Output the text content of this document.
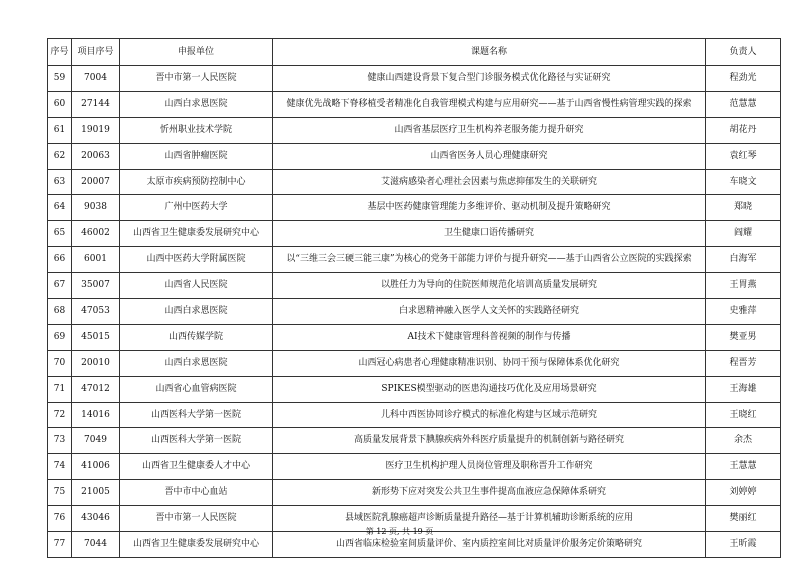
序号	项目序号	申报单位	课题名称	负责人
59	7004	晋中市第一人民医院	健康山西建设背景下复合型门诊服务模式优化路径与实证研究	程劲光
60	27144	山西白求恩医院	健康优先战略下脊移植受者精准化自我管理模式构建与应用研究——基于山西省慢性病管理实践的探索	范慧慧
61	19019	忻州职业技术学院	山西省基层医疗卫生机构养老服务能力提升研究	胡花丹
62	20063	山西省肿瘤医院	山西省医务人员心理健康研究	袁红琴
63	20007	太原市疾病预防控制中心	艾滋病感染者心理社会因素与焦虑抑郁发生的关联研究	车晓文
64	9038	广州中医药大学	基层中医药健康管理能力多维评价、驱动机制及提升策略研究	郑晓
65	46002	山西省卫生健康委发展研究中心	卫生健康口语传播研究	阎耀
66	6001	山西中医药大学附属医院	以“三维三会三硬三能三康”为核心的党务干部能力评价与提升研究——基于山西省公立医院的实践探索	白海军
67	35007	山西省人民医院	以胜任力为导向的住院医师规范化培训高质量发展研究	王胃燕
68	47053	山西白求恩医院	白求恩精神融入医学人文关怀的实践路径研究	史雅萍
69	45015	山西传媒学院	AI技术下健康管理科普视频的制作与传播	樊亚男
70	20010	山西白求恩医院	山西冠心病患者心理健康精准识别、协同干预与保障体系优化研究	程晋芳
71	47012	山西省心血管病医院	SPIKES模型驱动的医患沟通技巧优化及应用场景研究	王海雄
72	14016	山西医科大学第一医院	儿科中西医协同诊疗模式的标准化构建与区域示范研究	王晓红
73	7049	山西医科大学第一医院	高质量发展背景下腆腺疾病外科医疗质量提升的机制创新与路径研究	余杰
74	41006	山西省卫生健康委人才中心	医疗卫生机构护理人员岗位管理及职称晋升工作研究	王慧慧
75	21005	晋中市中心血站	新形势下应对突发公共卫生事件提高血液应急保障体系研究	刘婷婷
76	43046	晋中市第一人民医院	县域医院乳腺癌超声诊断质量提升路径—基于计算机辅助诊断系统的应用	樊丽红
77	7044	山西省卫生健康委发展研究中心	山西省临床检验室间质量评价、室内质控室间比对质量评价服务定价策略研究	王昕霞
第 12 页, 共 19 页
